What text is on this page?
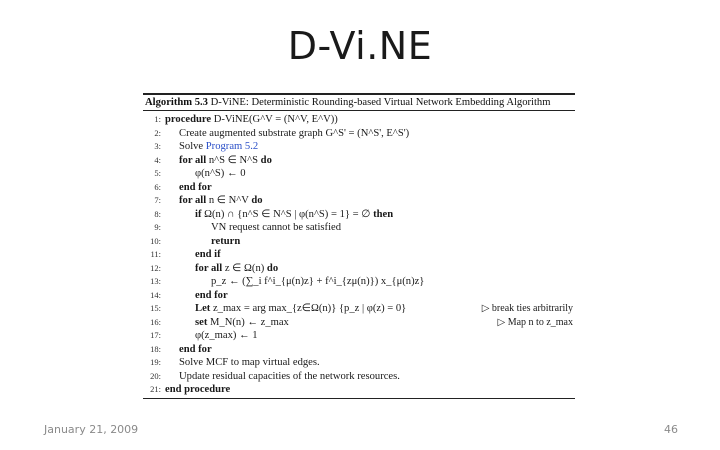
D-Vi.NE
Algorithm 5.3 D-ViNE: Deterministic Rounding-based Virtual Network Embedding Algorithm
1: procedure D-ViNE(G^V = (N^V, E^V))
2: Create augmented substrate graph G^S' = (N^S', E^S')
3: Solve Program 5.2
4: for all n^S ∈ N^S do
5:	φ(n^S) ← 0
6: end for
7: for all n ∈ N^V do
8:	if Ω(n) ∩ {n^S ∈ N^S | φ(n^S) = 1} = ∅ then
9:	VN request cannot be satisfied
10:	return
11:	end if
12:	for all z ∈ Ω(n) do
13:	p_z ← (∑_i f^i_{μ(n)z} + f^i_{zμ(n)}) x_{μ(n)z}
14:	end for
15:	Let z_max = arg max_{z∈Ω(n)} {p_z | φ(z) = 0}	▷ break ties arbitrarily
16:	set M_N(n) ← z_max	▷ Map n to z_max
17:	φ(z_max) ← 1
18: end for
19: Solve MCF to map virtual edges.
20: Update residual capacities of the network resources.
21: end procedure
January 21, 2009	46
